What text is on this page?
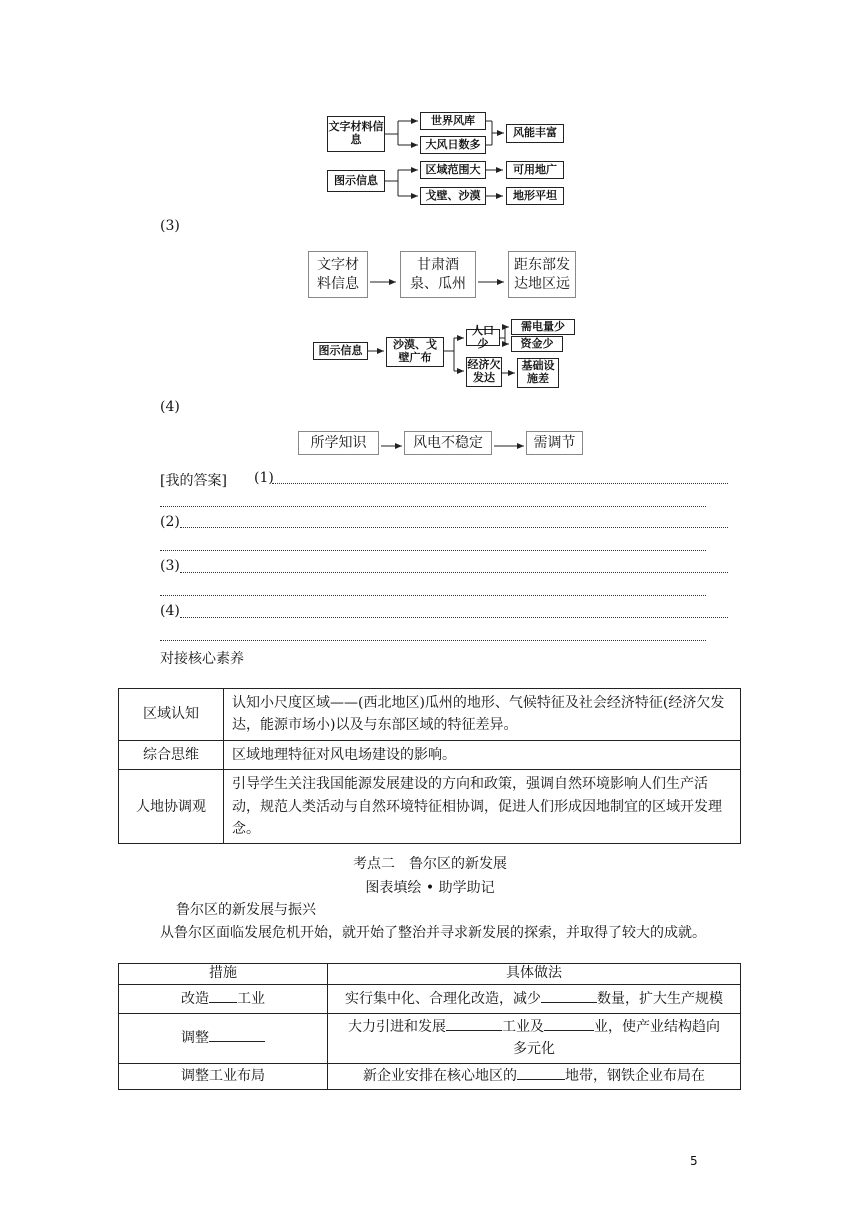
文字材料信息
世界风库
大风日数多
风能丰富
图示信息
区域范围大	可用地广
戈壁、沙漠	地形平坦
(3)
文字材料信息
甘肃酒泉、瓜州
距东部发达地区远
图示信息	沙漠、戈壁广布
人口少
需电量少
资金少
经济欠发达
基础设施差
(4)
所学知识	风电不稳定	需调节
[我的答案] (1)
(2)
(3)
(4)
对接核心素养
区域认知	认知小尺度区域——(西北地区)瓜州的地形、气候特征及社会经济特征(经济欠发达，能源市场小)以及与东部区域的特征差异。
综合思维	区域地理特征对风电场建设的影响。
人地协调观	引导学生关注我国能源发展建设的方向和政策，强调自然环境影响人们生产活动，规范人类活动与自然环境特征相协调，促进人们形成因地制宜的区域开发理念。
考点二　鲁尔区的新发展
图表填绘 • 助学助记
鲁尔区的新发展与振兴
从鲁尔区面临发展危机开始，就开始了整治并寻求新发展的探索，并取得了较大的成就。
措施	具体做法
改造 工业	实行集中化、合理化改造，减少 数量，扩大生产规模
调整	大力引进和发展 工业及 业，使产业结构趋向多元化
调整工业布局	新企业安排在核心地区的 地带，钢铁企业布局在
5
